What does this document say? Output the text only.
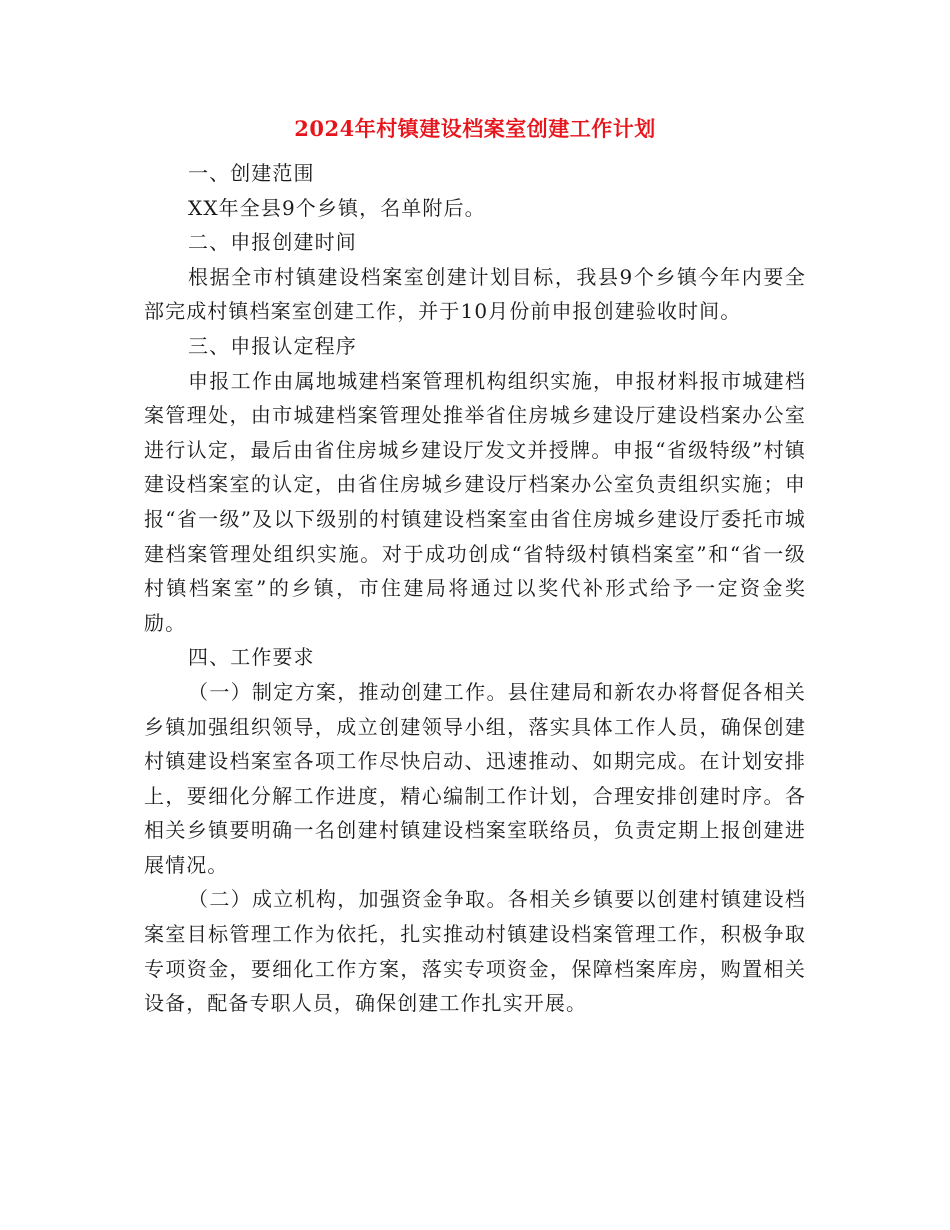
2024年村镇建设档案室创建工作计划

一、创建范围

XX年全县9个乡镇，名单附后。

二、申报创建时间

根据全市村镇建设档案室创建计划目标，我县9个乡镇今年内要全部完成村镇档案室创建工作，并于10月份前申报创建验收时间。

三、申报认定程序

申报工作由属地城建档案管理机构组织实施，申报材料报市城建档案管理处，由市城建档案管理处推举省住房城乡建设厅建设档案办公室进行认定，最后由省住房城乡建设厅发文并授牌。申报“省级特级”村镇建设档案室的认定，由省住房城乡建设厅档案办公室负责组织实施；申报“省一级”及以下级别的村镇建设档案室由省住房城乡建设厅委托市城建档案管理处组织实施。对于成功创成“省特级村镇档案室”和“省一级村镇档案室”的乡镇，市住建局将通过以奖代补形式给予一定资金奖励。

四、工作要求

（一）制定方案，推动创建工作。县住建局和新农办将督促各相关乡镇加强组织领导，成立创建领导小组，落实具体工作人员，确保创建村镇建设档案室各项工作尽快启动、迅速推动、如期完成。在计划安排上，要细化分解工作进度，精心编制工作计划，合理安排创建时序。各相关乡镇要明确一名创建村镇建设档案室联络员，负责定期上报创建进展情况。

（二）成立机构，加强资金争取。各相关乡镇要以创建村镇建设档案室目标管理工作为依托，扎实推动村镇建设档案管理工作，积极争取专项资金，要细化工作方案，落实专项资金，保障档案库房，购置相关设备，配备专职人员，确保创建工作扎实开展。
